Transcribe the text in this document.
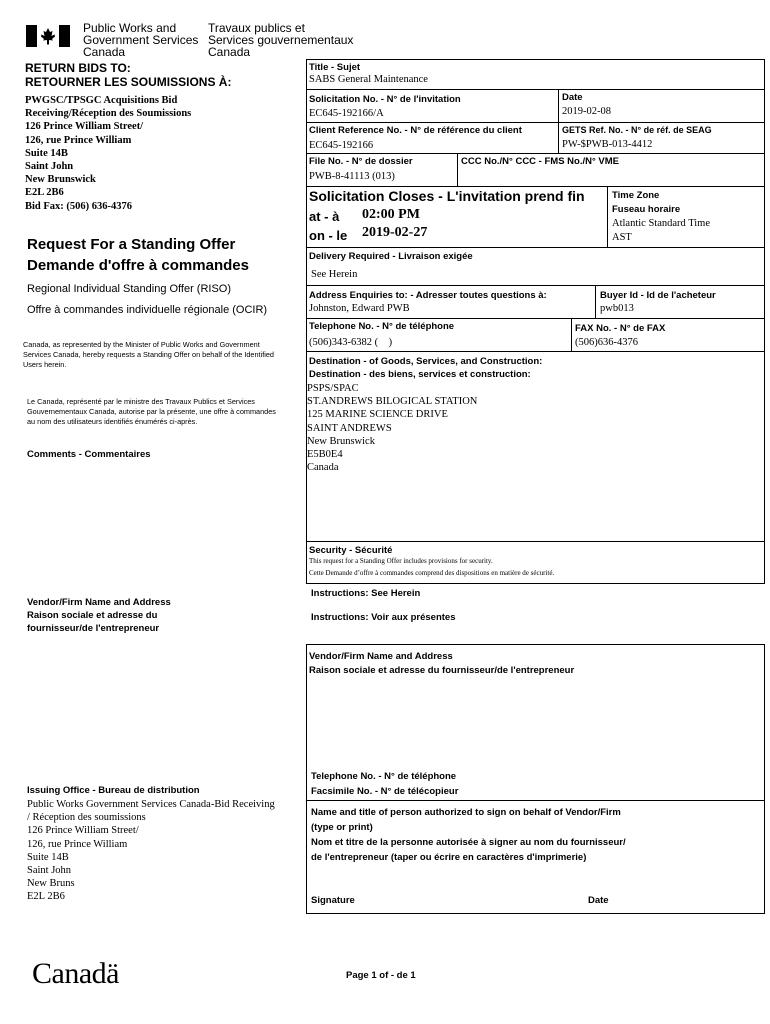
Public Works and
Government Services
Canada
Travaux publics et
Services gouvernementaux
Canada
RETURN BIDS TO:
RETOURNER LES SOUMISSIONS À:
PWGSC/TPSGC Acquisitions Bid
Receiving/Réception des Soumissions
126 Prince William Street/
126, rue Prince William
Suite 14B
Saint John
New Brunswick
E2L 2B6
Bid Fax: (506) 636-4376
Request For a Standing Offer
Demande d'offre à commandes
Regional Individual Standing Offer (RISO)
Offre à commandes individuelle régionale (OCIR)
Canada, as represented by the Minister of Public Works and Government Services Canada, hereby requests a Standing Offer on behalf of the Identified Users herein.
Le Canada, représenté par le ministre des Travaux Publics et Services Gouvernementaux Canada, autorise par la présente, une offre à commandes au nom des utilisateurs identifiés énumérés ci-après.
Comments - Commentaires
Vendor/Firm Name and Address
Raison sociale et adresse du
fournisseur/de l'entrepreneur
Issuing Office - Bureau de distribution
Public Works Government Services Canada-Bid Receiving
/ Réception des soumissions
126 Prince William Street/
126, rue Prince William
Suite 14B
Saint John
New Bruns
E2L 2B6
Title - Sujet
SABS General Maintenance
Solicitation No. - N° de l'invitation
EC645-192166/A
Date
2019-02-08
Client Reference No. - N° de référence du client
EC645-192166
GETS Ref. No. - N° de réf. de SEAG
PW-$PWB-013-4412
File No. - N° de dossier
PWB-8-41113 (013)
CCC No./N° CCC - FMS No./N° VME
Solicitation Closes - L'invitation prend fin
at - à 02:00 PM
on - le 2019-02-27
Time Zone
Fuseau horaire
Atlantic Standard Time
AST
Delivery Required - Livraison exigée
See Herein
Address Enquiries to: - Adresser toutes questions à:
Johnston, Edward PWB
Buyer Id - Id de l'acheteur
pwb013
Telephone No. - N° de téléphone
(506)343-6382 (    )
FAX No. - N° de FAX
(506)636-4376
Destination - of Goods, Services, and Construction:
Destination - des biens, services et construction:
PSPS/SPAC
ST.ANDREWS BILOGICAL STATION
125 MARINE SCIENCE DRIVE
SAINT ANDREWS
New Brunswick
E5B0E4
Canada
Security - Sécurité
This request for a Standing Offer includes provisions for security.
Cette Demande d’offre à commandes comprend des dispositions en matière de sécurité.
Instructions: See Herein
Instructions: Voir aux présentes
Vendor/Firm Name and Address
Raison sociale et adresse du fournisseur/de l'entrepreneur
Telephone No. - N° de téléphone
Facsimile No. - N° de télécopieur
Name and title of person authorized to sign on behalf of Vendor/Firm
(type or print)
Nom et titre de la personne autorisée à signer au nom du fournisseur/
de l'entrepreneur (taper ou écrire en caractères d'imprimerie)
Signature	Date
Canadä	Page 1 of - de 1
